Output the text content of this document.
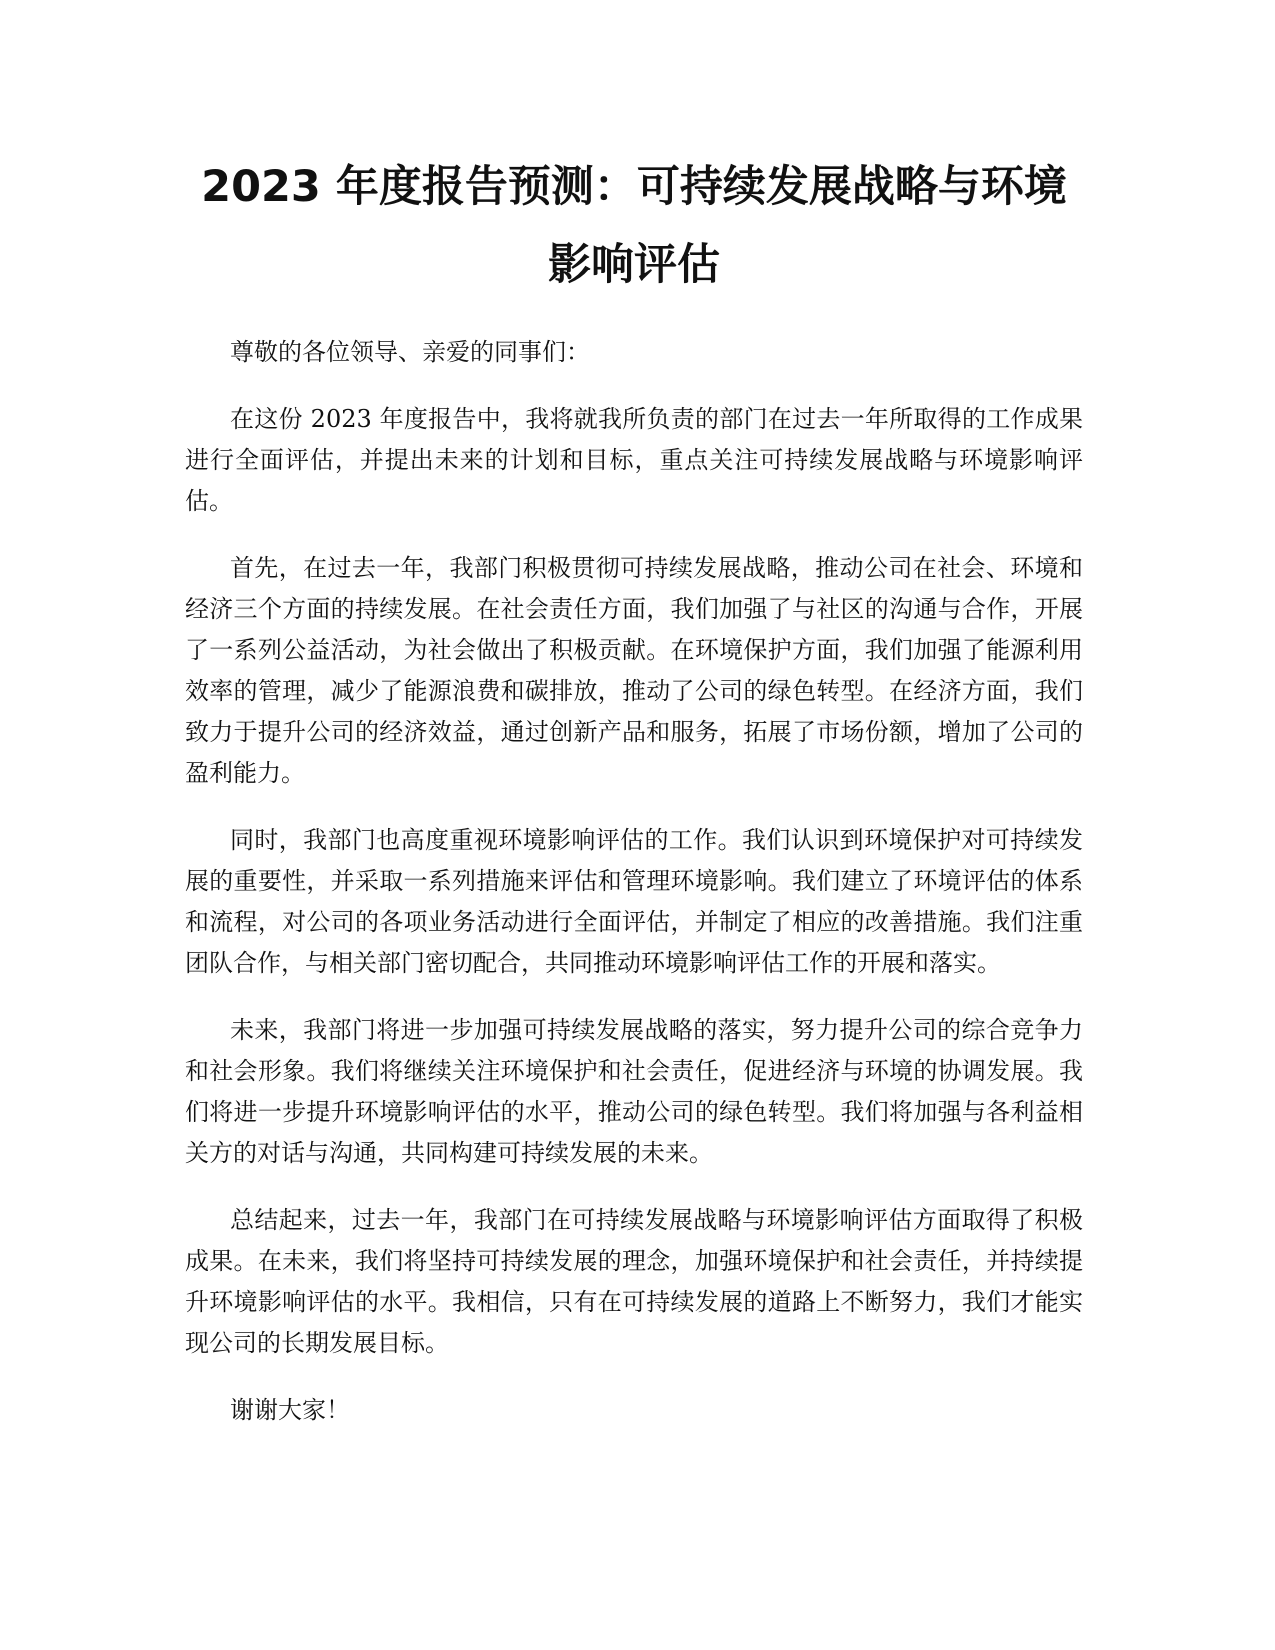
2023 年度报告预测：可持续发展战略与环境
影响评估

尊敬的各位领导、亲爱的同事们：

在这份 2023 年度报告中，我将就我所负责的部门在过去一年所取得的工作成果进行全面评估，并提出未来的计划和目标，重点关注可持续发展战略与环境影响评估。

首先，在过去一年，我部门积极贯彻可持续发展战略，推动公司在社会、环境和经济三个方面的持续发展。在社会责任方面，我们加强了与社区的沟通与合作，开展了一系列公益活动，为社会做出了积极贡献。在环境保护方面，我们加强了能源利用效率的管理，减少了能源浪费和碳排放，推动了公司的绿色转型。在经济方面，我们致力于提升公司的经济效益，通过创新产品和服务，拓展了市场份额，增加了公司的盈利能力。

同时，我部门也高度重视环境影响评估的工作。我们认识到环境保护对可持续发展的重要性，并采取一系列措施来评估和管理环境影响。我们建立了环境评估的体系和流程，对公司的各项业务活动进行全面评估，并制定了相应的改善措施。我们注重团队合作，与相关部门密切配合，共同推动环境影响评估工作的开展和落实。

未来，我部门将进一步加强可持续发展战略的落实，努力提升公司的综合竞争力和社会形象。我们将继续关注环境保护和社会责任，促进经济与环境的协调发展。我们将进一步提升环境影响评估的水平，推动公司的绿色转型。我们将加强与各利益相关方的对话与沟通，共同构建可持续发展的未来。

总结起来，过去一年，我部门在可持续发展战略与环境影响评估方面取得了积极成果。在未来，我们将坚持可持续发展的理念，加强环境保护和社会责任，并持续提升环境影响评估的水平。我相信，只有在可持续发展的道路上不断努力，我们才能实现公司的长期发展目标。

谢谢大家！
